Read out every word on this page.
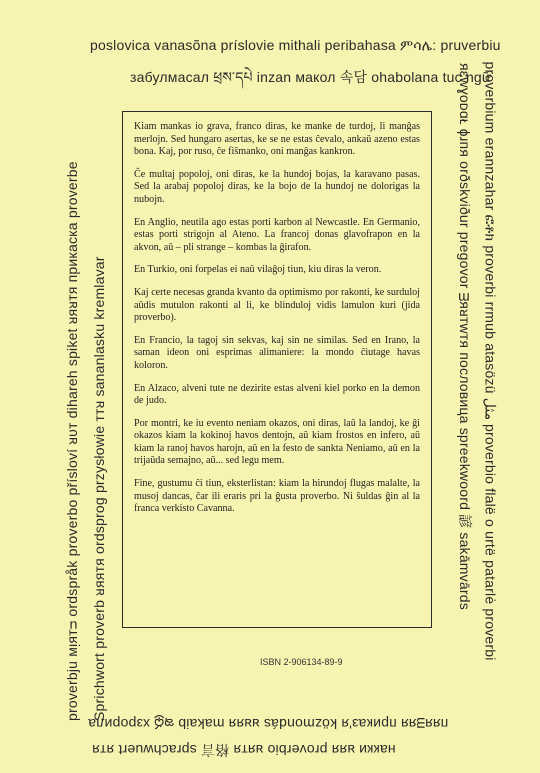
poslovica vanasõna príslovie mithali peribahasa ምሳሌ: pruverbiu
забулмасал ཕྲས་དཔེ inzan макол 속담 ohabolana tuc ngữ
proverbium erannzahar ፎቶክ proverbi rrmub atasözü ﻣﺜﻞ proverbio flalë o urtë patarlė proverbi
ᴙɛwɣoᴅɑᴌ ɸɹᴨᴙ orðskviður pregovor ᴟᴙᴚᴛᴡᴛᴙ пословица spreekwoord 諺 sakāmvārds
proverbju ᴍᴉᴙᴛᴝ ordspråk proverbo přísloví ᴚᴜᴛ dihareh spiket ᴚᴙᴚᴛᴙ прикаска proverbe Sprichwort proverb ᴚᴙᴙᴛᴙ ordsprog przysłowie ᴛᴛᴚ sananlasku kremlavar
ᴨᴙᴙᴟᴙᴙ приказ'я közmondás ᴚᴚᴙᴙ makaib ఇధ్ర хзрорила
накки ᴚᴙᴙ proverbio ᴚᴙᴛᴙ 格言 sprachwuert ᴙᴛᴙ

Kiam mankas io grava, franco diras, ke manke de turdoj, li manĝas merlojn. Sed hungaro asertas, ke se ne estas ĉevalo, ankaŭ azeno estas bona. Kaj, por ruso, ĉe fiŝmanko, oni manĝas kankron.

Ĉe multaj popoloj, oni diras, ke la hundoj bojas, la karavano pasas. Sed la arabaj popoloj diras, ke la bojo de la hundoj ne dolorigas la nubojn.

En Anglio, neutila ago estas porti karbon al Newcastle. En Germanio, estas porti strigojn al Ateno. La francoj donas glavofrapon en la akvon, aŭ – pli strange – kombas la ĝirafon.

En Turkio, oni forpelas ei naŭ vilaĝoj tiun, kiu diras la veron.

Kaj certe necesas granda kvanto da optimismo por rakonti, ke surduloj aŭdis mutulon rakonti al li, ke blinduloj vidis lamulon kuri (jida proverbo).

En Francio, la tagoj sin sekvas, kaj sin ne similas. Sed en Irano, la saman ideon oni esprimas alimaniere: la mondo ĉiutage havas koloron.

En Alzaco, alveni tute ne dezirite estas alveni kiel porko en la demon de judo.

Por montri, ke iu evento neniam okazos, oni diras, laŭ la landoj, ke ĝi okazos kiam la kokinoj havos dentojn, aŭ kiam frostos en infero, aŭ kiam la ranoj havos harojn, aŭ en la festo de sankta Neniamo, aŭ en la trijaŭda semajno, aŭ... sed legu mem.

Fine, gustumu ĉi tiun, eksterlistan: kiam la hirundoj flugas malalte, la musoj dancas, ĉar ili eraris pri la ĝusta proverbo. Ni ŝuldas ĝin al la franca verkisto Cavanna.

ISBN 2-906134-89-9
